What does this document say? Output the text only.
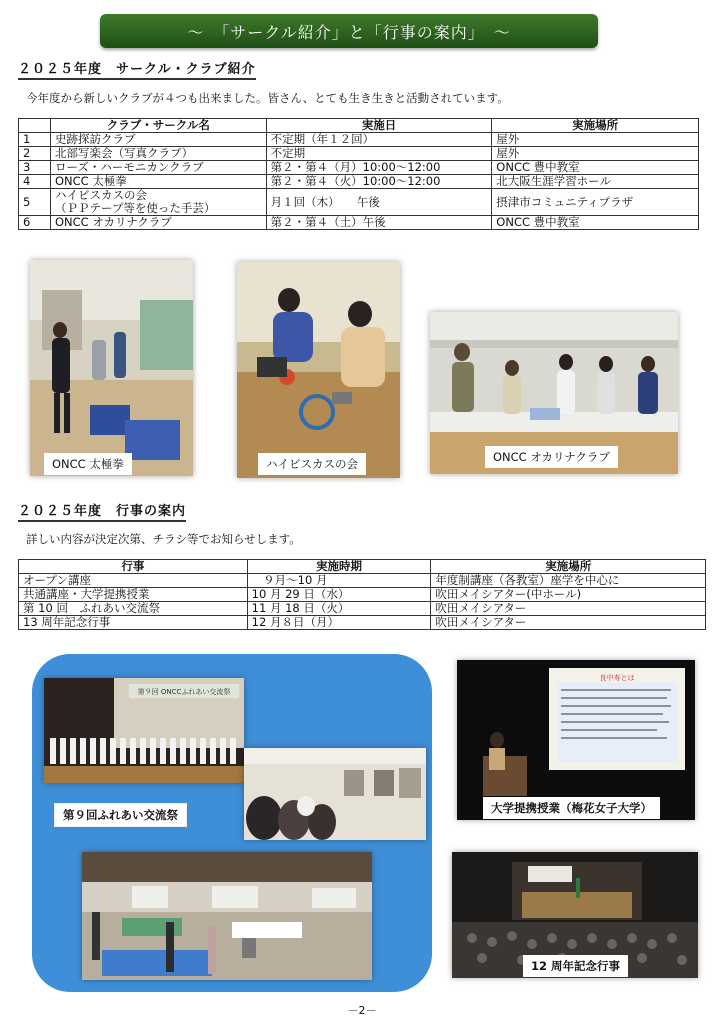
～　「サークル紹介」と「行事の案内」　～
２０２５年度　サークル・クラブ紹介
今年度から新しいクラブが４つも出来ました。皆さん、とても生き生きと活動されています。
	クラブ・サークル名	実施日	実施場所
1	史跡探訪クラブ	不定期（年１２回）	屋外
2	北部写楽会（写真クラブ）	不定期	屋外
3	ローズ・ハーモニカンクラブ	第２・第４（月）10:00～12:00	ONCC 豊中教室
4	ONCC 太極拳	第２・第４（火）10:00～12:00	北大阪生涯学習ホール
5	ハイビスカスの会
（ＰＰテープ等を使った手芸）	月１回（木）　　午後	摂津市コミュニティプラザ
6	ONCC オカリナクラブ	第２・第４（土）午後	ONCC 豊中教室
ONCC 太極拳	ハイビスカスの会	ONCC オカリナクラブ
２０２５年度　行事の案内
詳しい内容が決定次第、チラシ等でお知らせします。
行事	実施時期	実施場所
オープン講座	　９月～10 月	年度制講座（各教室）座学を中心に
共通講座・大学提携授業	10 月 29 日（水）	吹田メイシアター(中ホール)
第 10 回　ふれあい交流祭	11 月 18 日（火）	吹田メイシアター
13 周年記念行事	12 月８日（月）	吹田メイシアター
第９回 ONCCふれあい交流祭
第９回ふれあい交流祭
良中寿とは
大学提携授業（梅花女子大学）
12 周年記念行事
－2－
